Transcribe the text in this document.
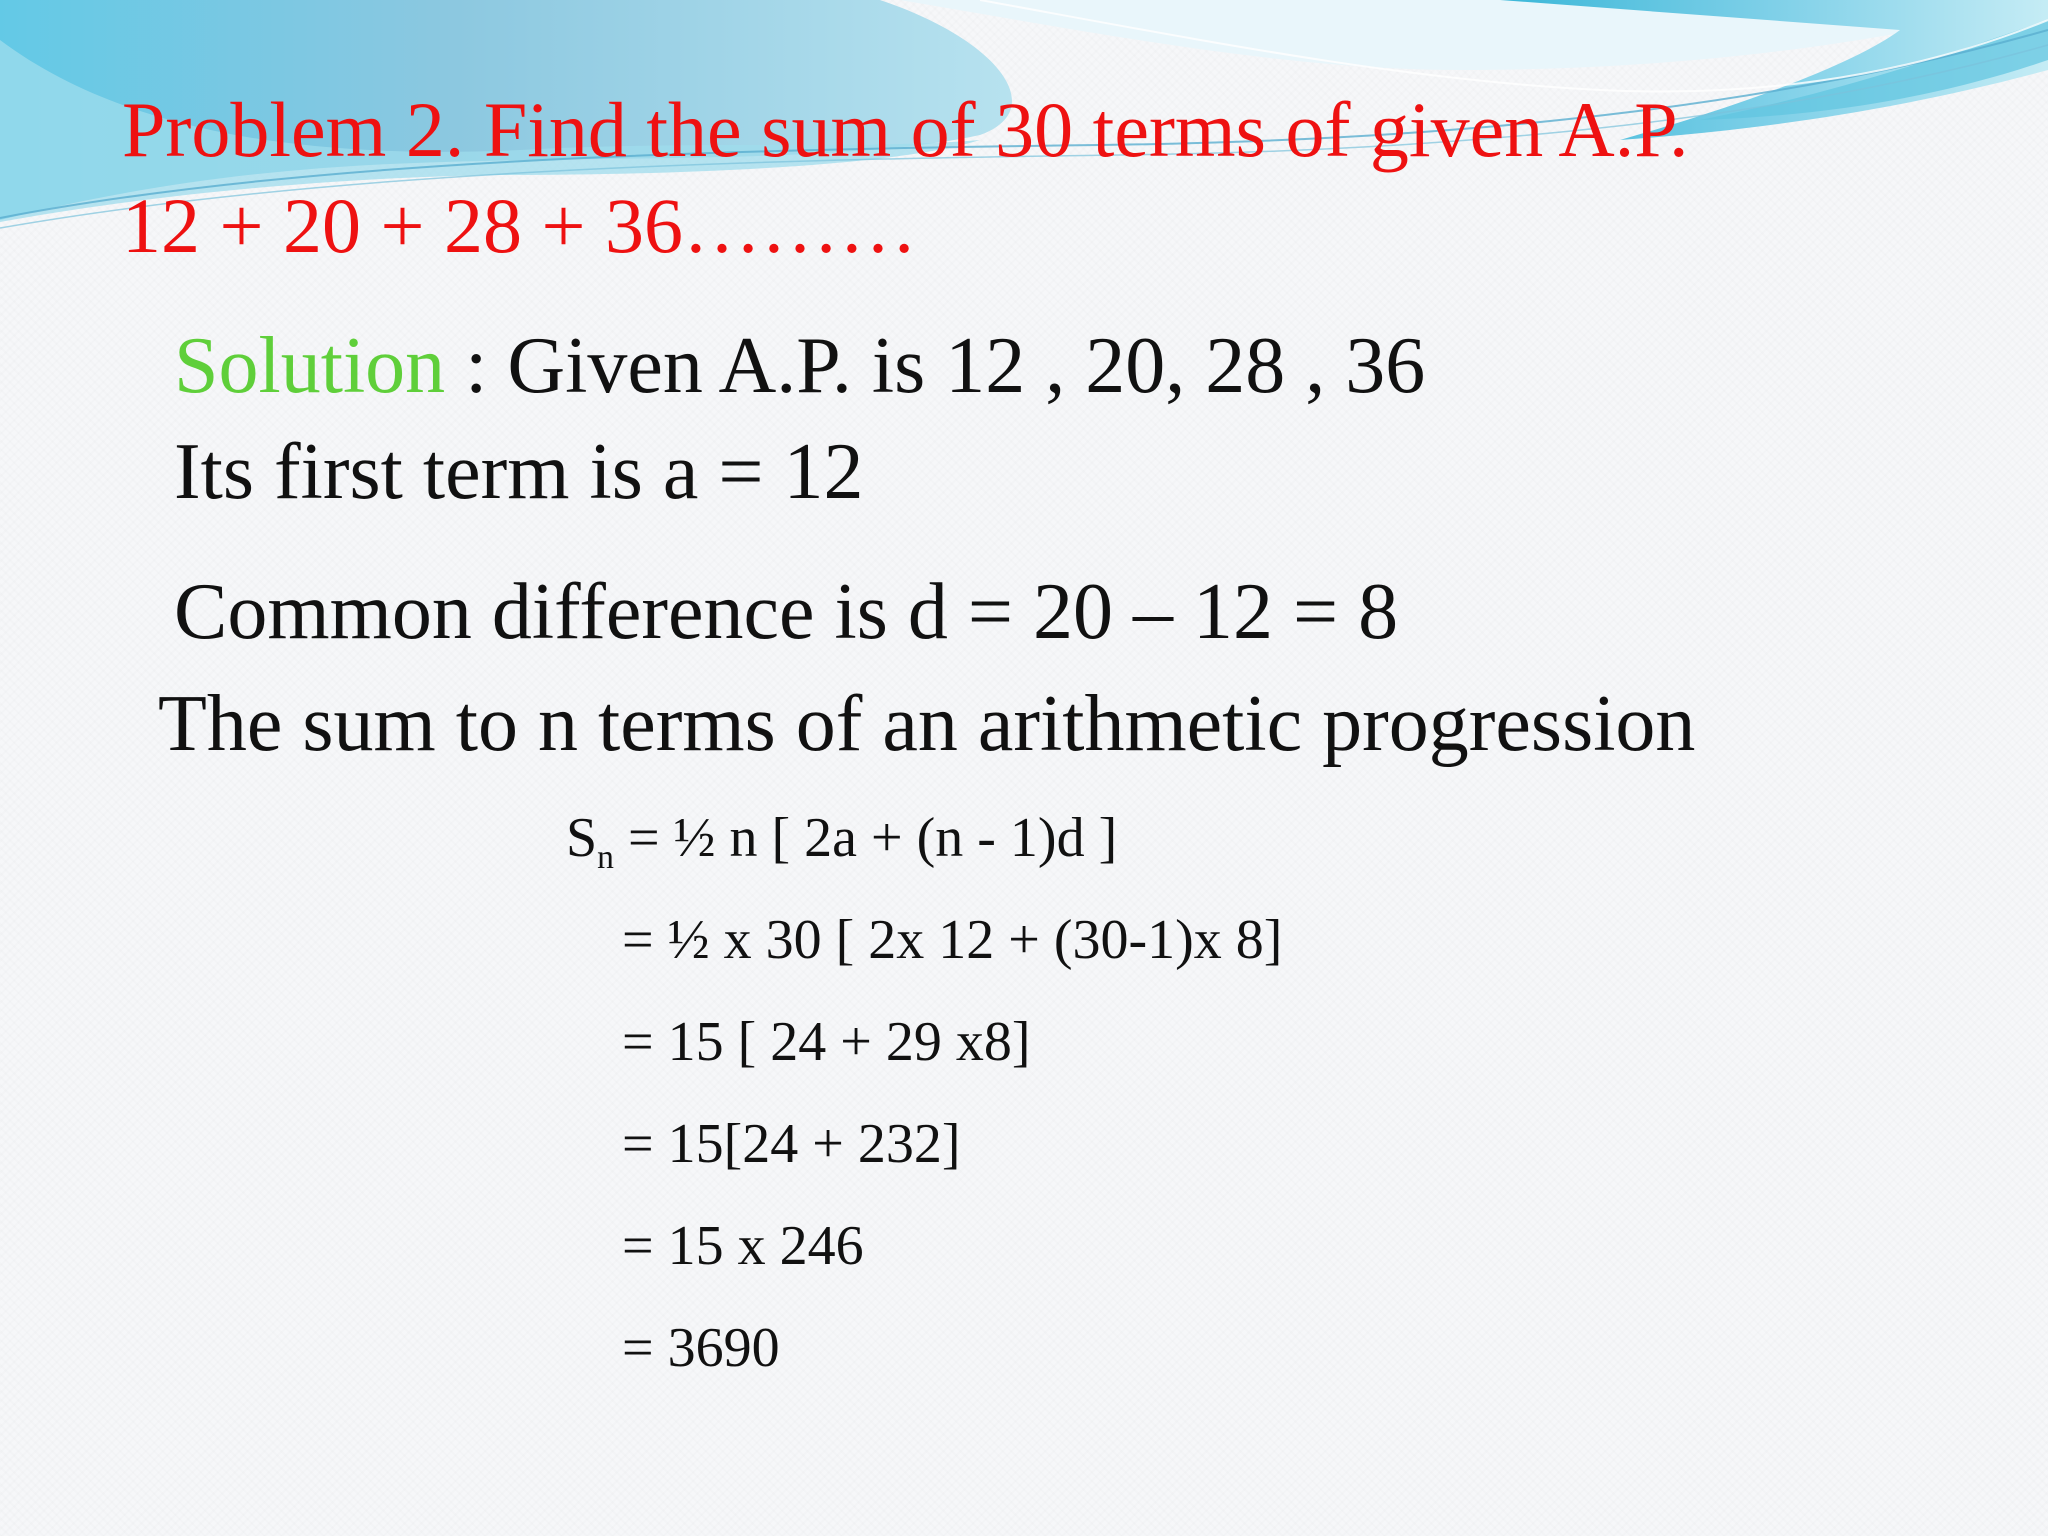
Problem 2. Find the sum of 30 terms of given A.P.
12 + 20 + 28 + 36………
Solution : Given A.P. is 12 , 20, 28 , 36
Its first term is a = 12
Common difference is d = 20 – 12 = 8
The sum to n terms of an arithmetic progression
$S_n$ = ½ n [ 2a + (n - 1)d ]
= ½ x 30 [ 2x 12 + (30-1)x 8]
= 15 [ 24 + 29 x8]
= 15[24 + 232]
= 15 x 246
= 3690
